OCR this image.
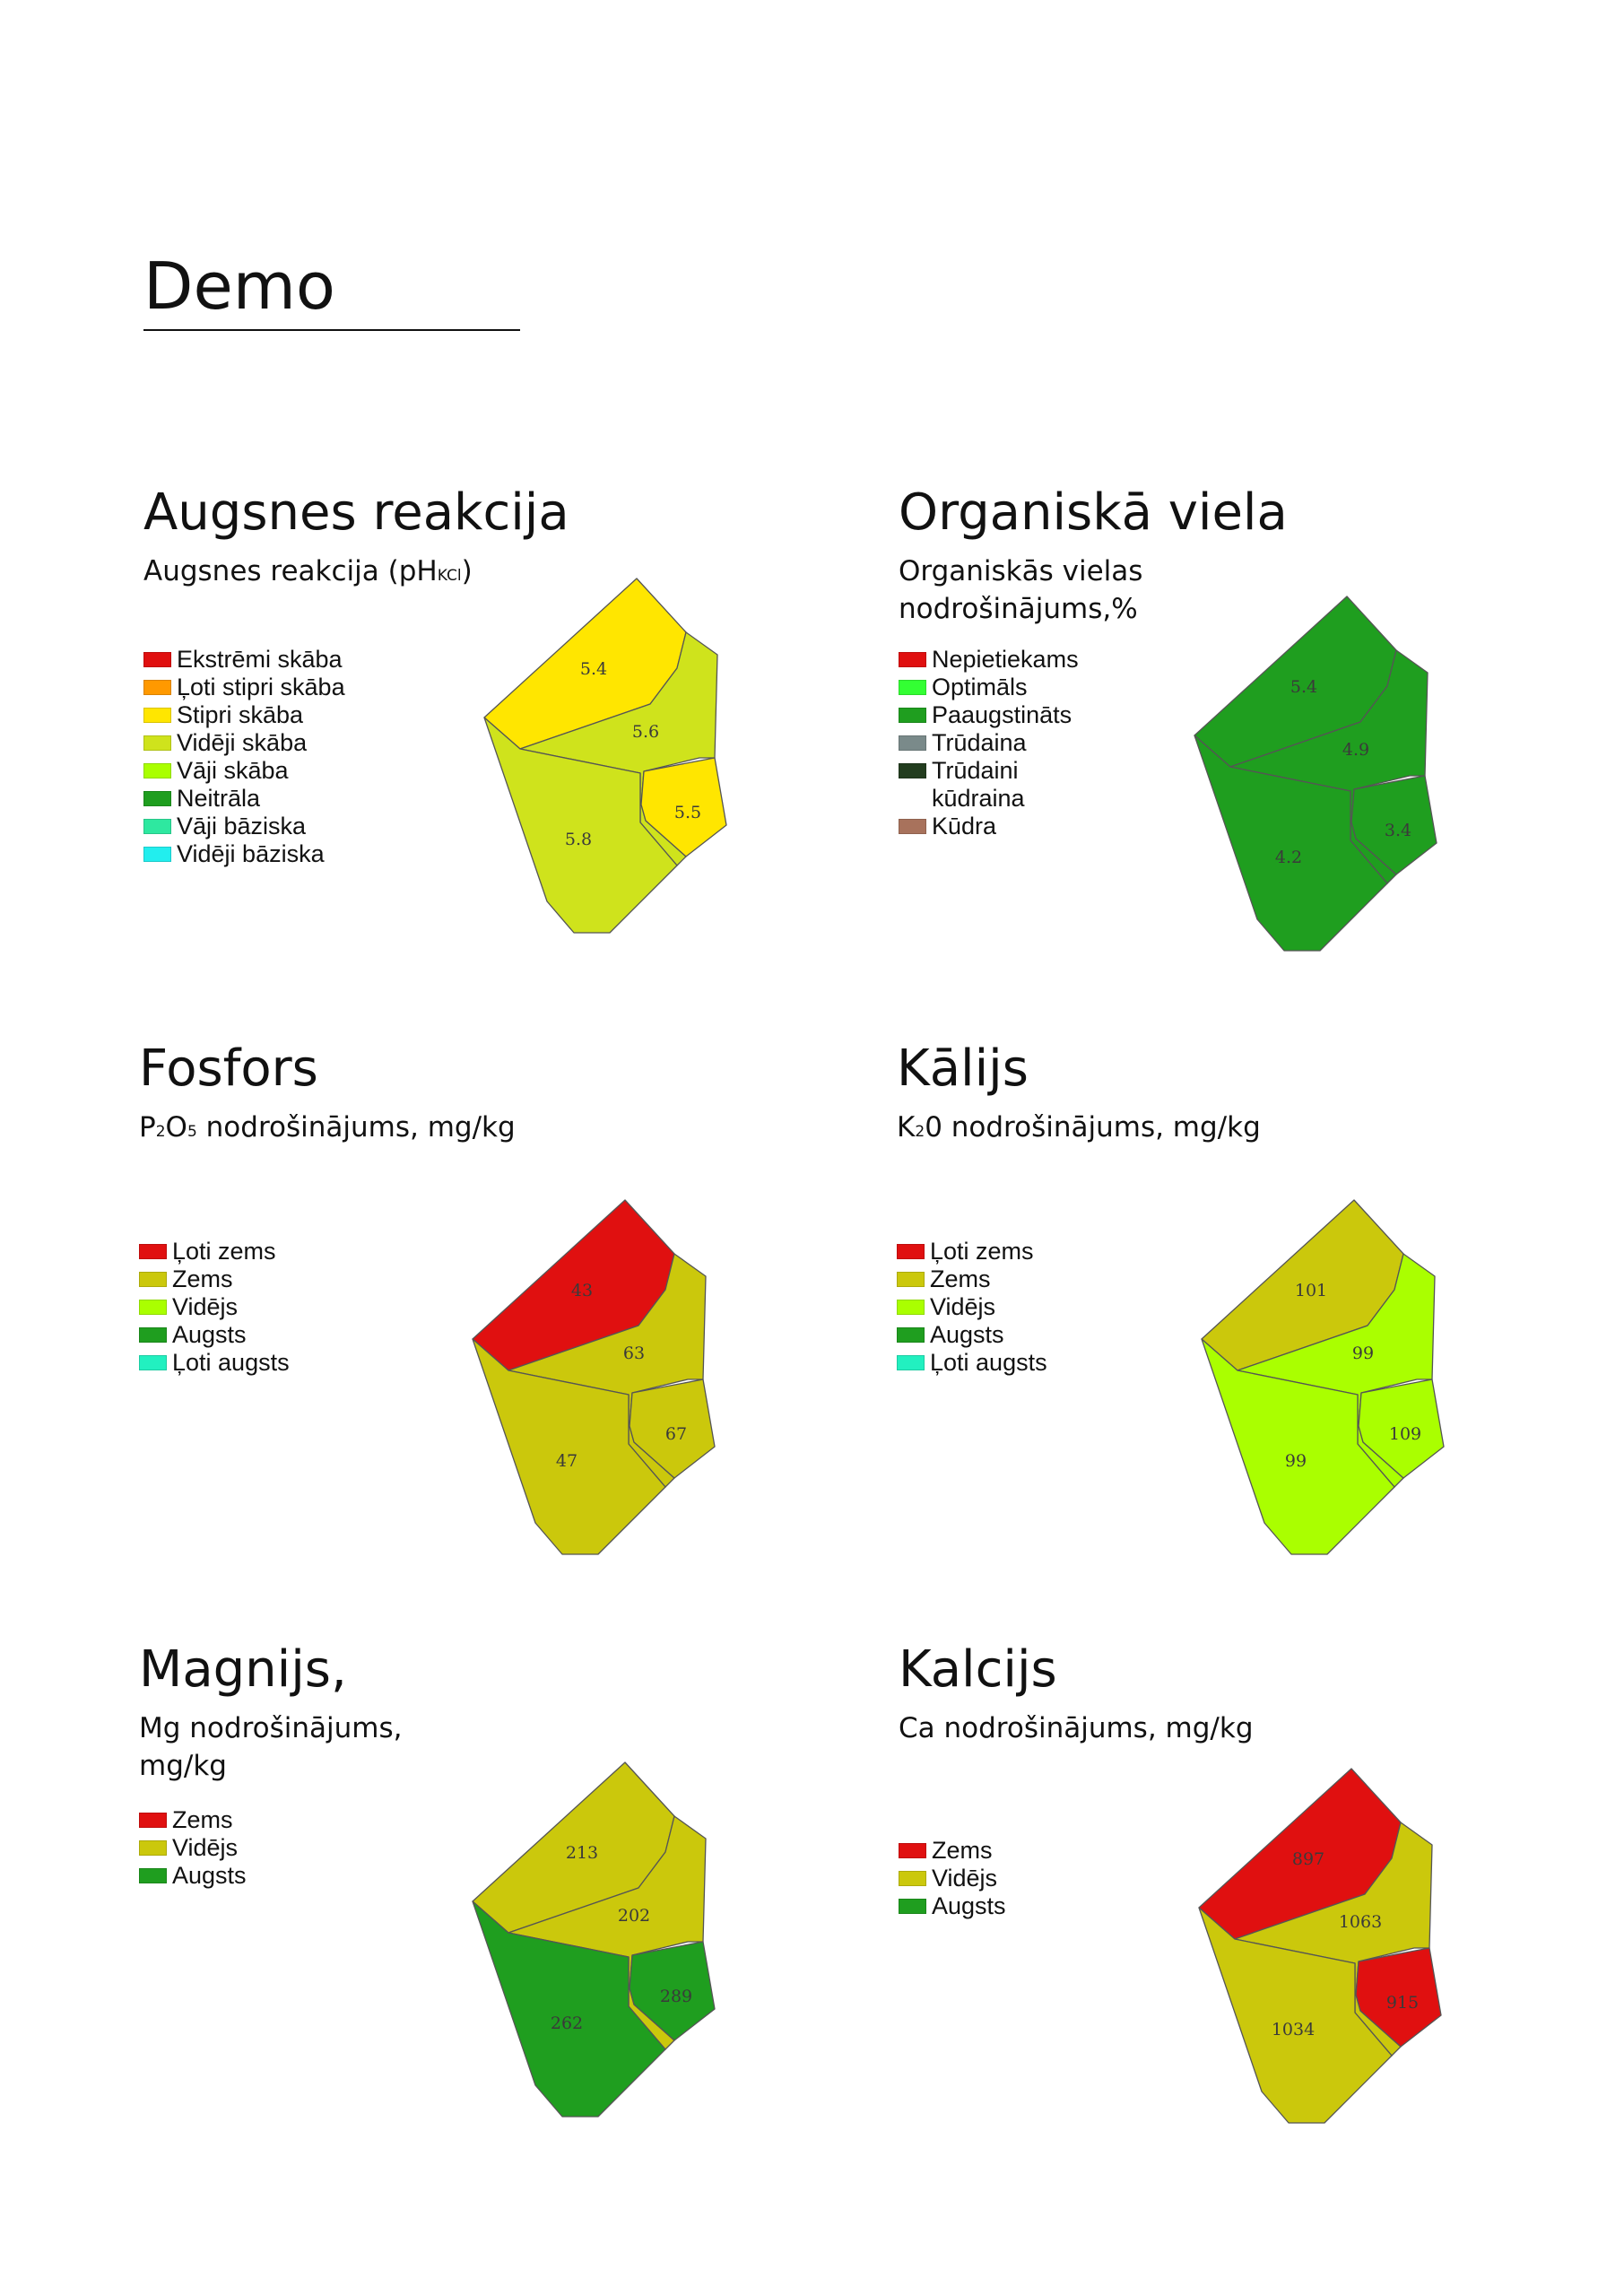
Demo
Augsnes reakcija
Augsnes reakcija (pHKCl)
Ekstrēmi skāba
Ļoti stipri skāba
Stipri skāba
Vidēji skāba
Vāji skāba
Neitrāla
Vāji bāziska
Vidēji bāziska
5.4
5.6
5.5
5.8
Organiskā viela
Organiskās vielas
nodrošinājums,%
Nepietiekams
Optimāls
Paaugstināts
Trūdaina
Trūdaini
kūdraina
Kūdra
5.4
4.9
3.4
4.2
Fosfors
P2O5 nodrošinājums, mg/kg
Ļoti zems
Zems
Vidējs
Augsts
Ļoti augsts
43
63
67
47
Kālijs
K20 nodrošinājums, mg/kg
Ļoti zems
Zems
Vidējs
Augsts
Ļoti augsts
101
99
109
99
Magnijs,
Mg nodrošinājums,
mg/kg
Zems
Vidējs
Augsts
213
202
289
262
Kalcijs
Ca nodrošinājums, mg/kg
Zems
Vidējs
Augsts
897
1063
915
1034
